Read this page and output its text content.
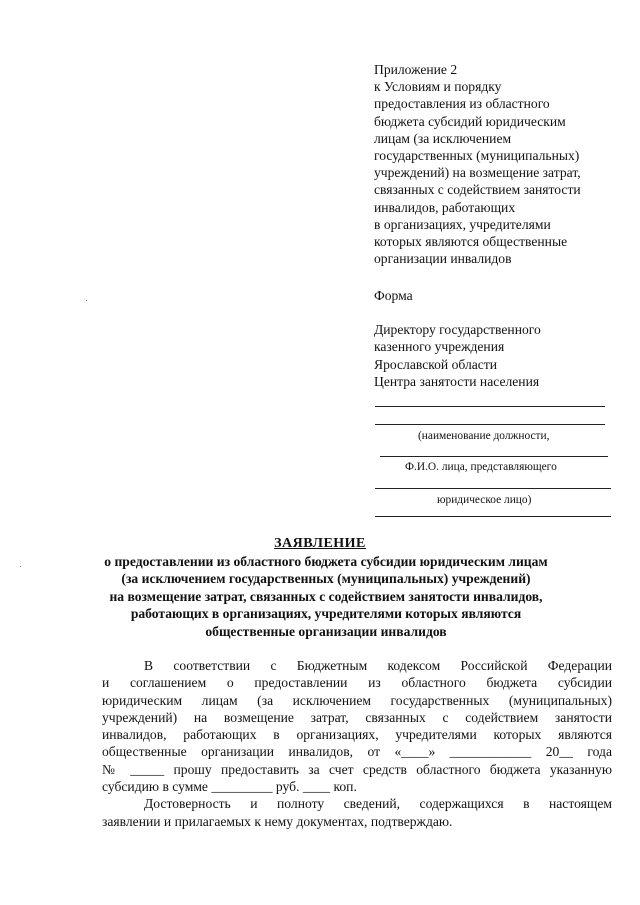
Приложение 2
к Условиям и порядку
предоставления из областного
бюджета субсидий юридическим
лицам (за исключением
государственных (муниципальных)
учреждений) на возмещение затрат,
связанных с содействием занятости
инвалидов, работающих
в организациях, учредителями
которых являются общественные
организации инвалидов
Форма
Директору государственного
казенного учреждения
Ярославской области
Центра занятости населения
(наименование должности,
Ф.И.О. лица, представляющего
юридическое лицо)
ЗАЯВЛЕНИЕ
о предоставлении из областного бюджета субсидии юридическим лицам
(за исключением государственных (муниципальных) учреждений)
на возмещение затрат, связанных с содействием занятости инвалидов,
работающих в организациях, учредителями которых являются
общественные организации инвалидов
В соответствии с Бюджетным кодексом Российской Федерации
и соглашением о предоставлении из областного бюджета субсидии
юридическим лицам (за исключением государственных (муниципальных)
учреждений) на возмещение затрат, связанных с содействием занятости
инвалидов, работающих в организациях, учредителями которых являются
общественные организации инвалидов, от «____» ____________ 20__ года
№ _____ прошу предоставить за счет средств областного бюджета указанную
субсидию в сумме _________ руб. ____ коп.
Достоверность и полноту сведений, содержащихся в настоящем
заявлении и прилагаемых к нему документах, подтверждаю.
